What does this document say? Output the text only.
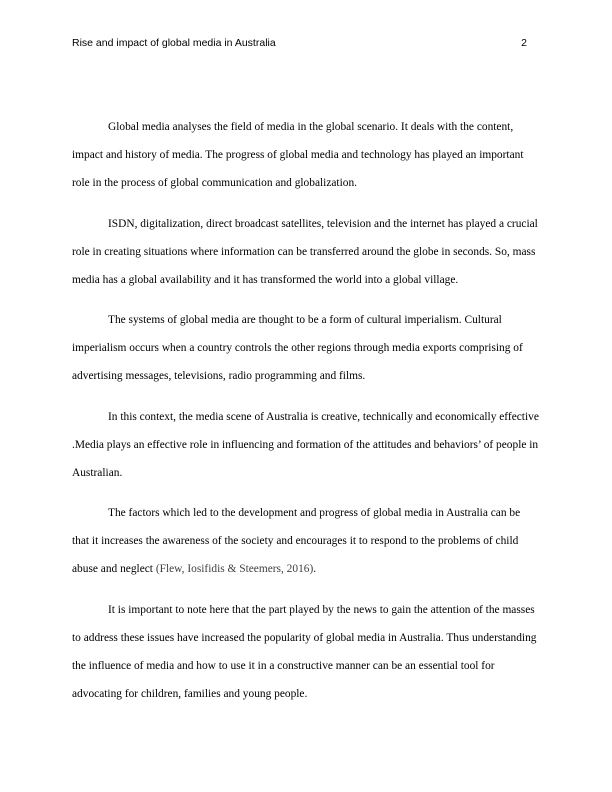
Rise and impact of global media in Australia	2

Global media analyses the field of media in the global scenario. It deals with the content, impact and history of media. The progress of global media and technology has played an important role in the process of global communication and globalization.

ISDN, digitalization, direct broadcast satellites, television and the internet has played a crucial role in creating situations where information can be transferred around the globe in seconds. So, mass media has a global availability and it has transformed the world into a global village.

The systems of global media are thought to be a form of cultural imperialism. Cultural imperialism occurs when a country controls the other regions through media exports comprising of advertising messages, televisions, radio programming and films.

In this context, the media scene of Australia is creative, technically and economically effective .Media plays an effective role in influencing and formation of the attitudes and behaviors’ of people in Australian.

The factors which led to the development and progress of global media in Australia can be that it increases the awareness of the society and encourages it to respond to the problems of child abuse and neglect (Flew, Iosifidis & Steemers, 2016).

It is important to note here that the part played by the news to gain the attention of the masses to address these issues have increased the popularity of global media in Australia. Thus understanding the influence of media and how to use it in a constructive manner can be an essential tool for advocating for children, families and young people.
